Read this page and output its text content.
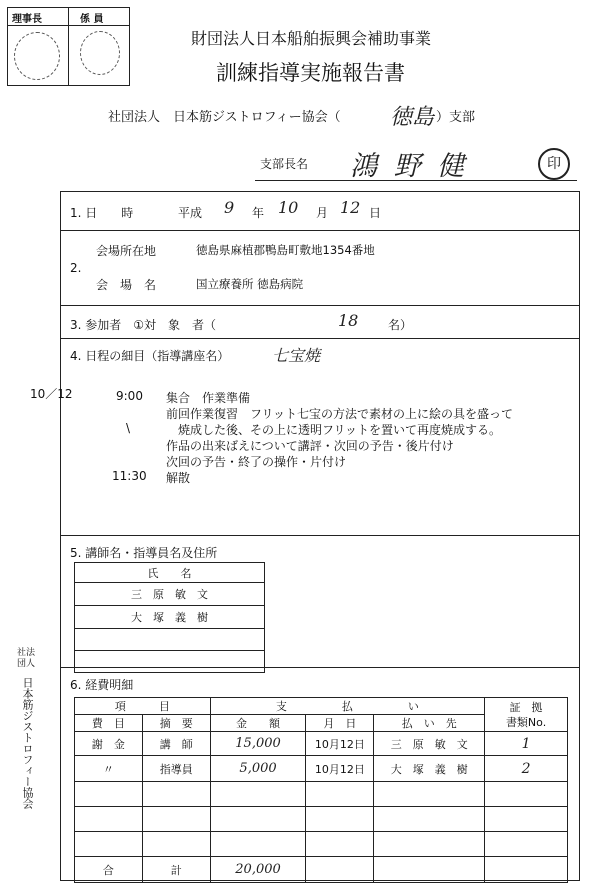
理事長	係 員
財団法人日本船舶振興会補助事業
訓練指導実施報告書
社団法人　日本筋ジストロフィー協会（ 徳島 ）支部
支部長名 鴻 野 健	印
1. 日　　時	平成 9 年 10 月 12 日
2.
会場所在地	徳島県麻植郡鴨島町敷地1354番地
会　場　名	国立療養所 徳島病院
3. 参加者　①対　象　者（	18 名）
4. 日程の細目（指導講座名）	七宝焼
10／12	9:00
\
11:30
集合　作業準備
前回作業復習　フリット七宝の方法で素材の上に絵の具を盛って
　焼成した後、その上に透明フリットを置いて再度焼成する。
作品の出来ばえについて講評・次回の予告・後片付け
次回の予告・終了の操作・片付け
解散
5. 講師名・指導員名及住所
氏　　名
三　原　敏　文
大　塚　義　樹

6. 経費明細
項　　　目		支　　　　　払　　　　　い			証　拠
書類No.

費　目	摘　要	金　　額	月　日	払　い　先	
謝　金	講　師	15,000	10月12日	三　原　敏　文	1
〃	指導員	5,000	10月12日	大　塚　義　樹	2

合	計	20,000			
社法
団人
日本筋ジストロフィー協会
